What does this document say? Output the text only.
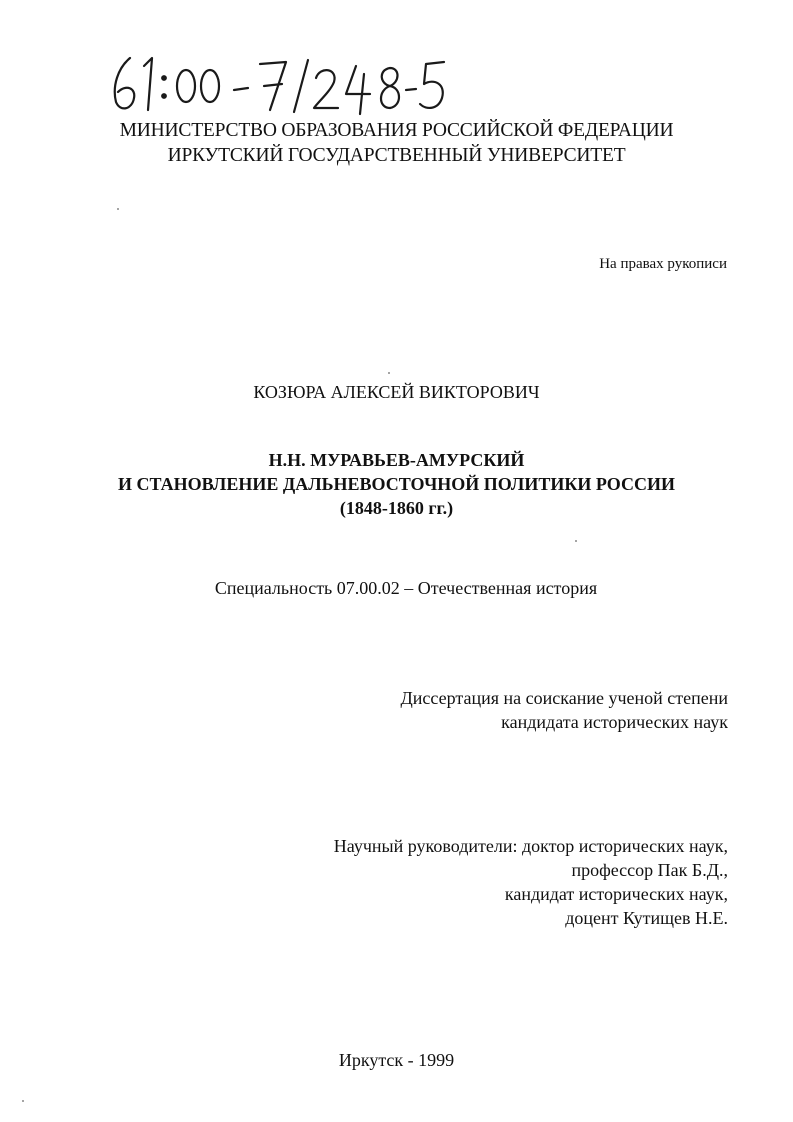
МИНИСТЕРСТВО ОБРАЗОВАНИЯ РОССИЙСКОЙ ФЕДЕРАЦИИ
ИРКУТСКИЙ ГОСУДАРСТВЕННЫЙ УНИВЕРСИТЕТ
На правах рукописи
КОЗЮРА АЛЕКСЕЙ ВИКТОРОВИЧ
Н.Н. МУРАВЬЕВ-АМУРСКИЙ
И СТАНОВЛЕНИЕ ДАЛЬНЕВОСТОЧНОЙ ПОЛИТИКИ РОССИИ
(1848-1860 гг.)
Специальность 07.00.02 – Отечественная история
Диссертация на соискание ученой степени
кандидата исторических наук
Научный руководители: доктор исторических наук,
профессор Пак Б.Д.,
кандидат исторических наук,
доцент Кутищев Н.Е.
Иркутск - 1999
